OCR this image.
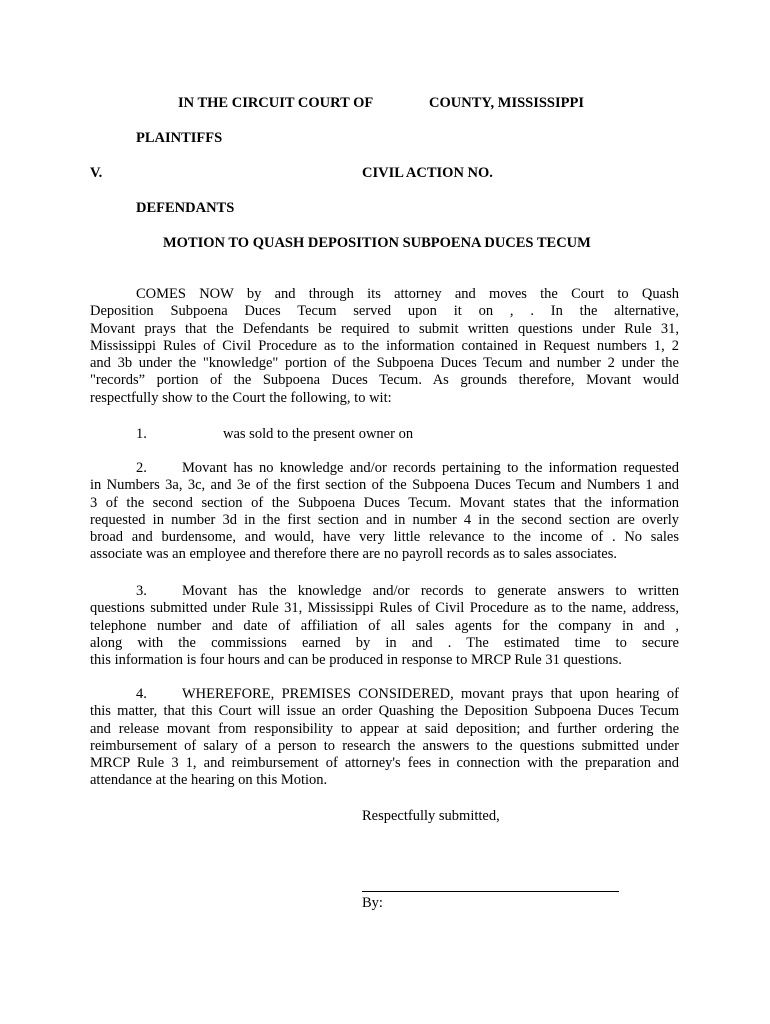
IN THE CIRCUIT COURT OF	COUNTY, MISSISSIPPI
PLAINTIFFS
V.	CIVIL ACTION NO.
DEFENDANTS
MOTION TO QUASH DEPOSITION SUBPOENA DUCES TECUM
COMES NOW by and through its attorney and moves the Court to Quash
Deposition Subpoena Duces Tecum served upon it on , . In the alternative,
Movant prays that the Defendants be required to submit written questions under Rule 31,
Mississippi Rules of Civil Procedure as to the information contained in Request numbers 1, 2
and 3b under the "knowledge" portion of the Subpoena Duces Tecum and number 2 under the
"records” portion of the Subpoena Duces Tecum. As grounds therefore, Movant would
respectfully show to the Court the following, to wit:
1.	was sold to the present owner on
2.	Movant has no knowledge and/or records pertaining to the information requested
in Numbers 3a, 3c, and 3e of the first section of the Subpoena Duces Tecum and Numbers 1 and
3 of the second section of the Subpoena Duces Tecum. Movant states that the information
requested in number 3d in the first section and in number 4 in the second section are overly
broad and burdensome, and would, have very little relevance to the income of . No sales
associate was an employee and therefore there are no payroll records as to sales associates.
3.	Movant has the knowledge and/or records to generate answers to written
questions submitted under Rule 31, Mississippi Rules of Civil Procedure as to the name, address,
telephone number and date of affiliation of all sales agents for the company in and ,
along with the commissions earned by in and . The estimated time to secure
this information is four hours and can be produced in response to MRCP Rule 31 questions.
4.	WHEREFORE, PREMISES CONSIDERED, movant prays that upon hearing of
this matter, that this Court will issue an order Quashing the Deposition Subpoena Duces Tecum
and release movant from responsibility to appear at said deposition; and further ordering the
reimbursement of salary of a person to research the answers to the questions submitted under
MRCP Rule 3 1, and reimbursement of attorney's fees in connection with the preparation and
attendance at the hearing on this Motion.
Respectfully submitted,
By:
